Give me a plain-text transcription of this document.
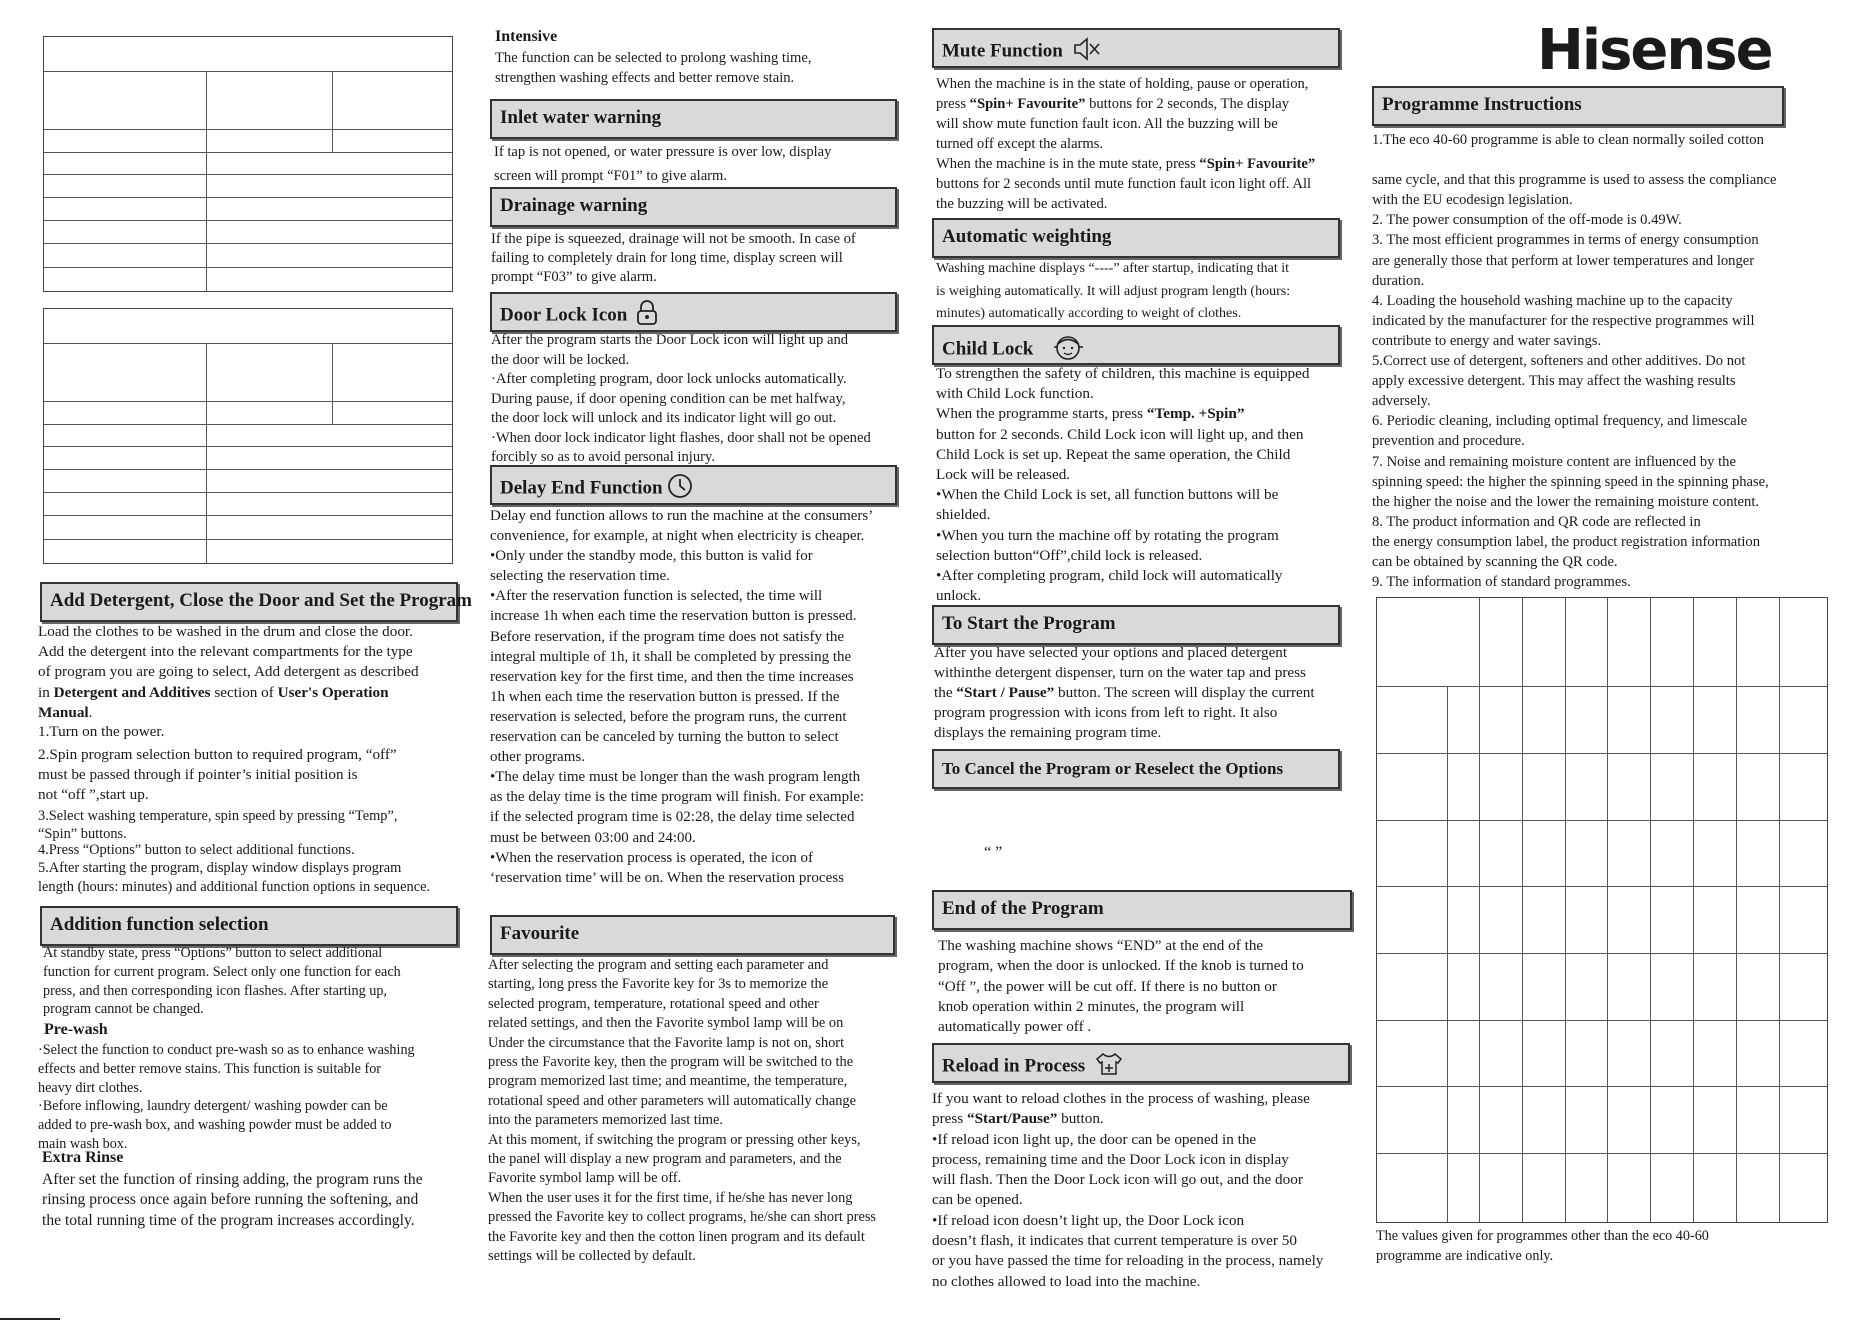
Add Detergent, Close the Door and Set the Program
Load the clothes to be washed in the drum and close the door.
Add the detergent into the relevant compartments for the type
of program you are going to select, Add detergent as described
in Detergent and Additives section of User's Operation
Manual.
1.Turn on the power.
2.Spin program selection button to required program, “off”
must be passed through if pointer’s initial position is
not “off ”,start up.
3.Select washing temperature, spin speed by pressing “Temp”,
“Spin” buttons.
4.Press “Options” button to select additional functions.
5.After starting the program, display window displays program
length (hours: minutes) and additional function options in sequence.
Addition function selection
At standby state, press “Options” button to select additional
function for current program. Select only one function for each
press, and then corresponding icon flashes. After starting up,
program cannot be changed.
Pre-wash
·Select the function to conduct pre-wash so as to enhance washing
effects and better remove stains. This function is suitable for
heavy dirt clothes.
·Before inflowing, laundry detergent/ washing powder can be
added to pre-wash box, and washing powder must be added to
main wash box.
Extra Rinse
After set the function of rinsing adding, the program runs the
rinsing process once again before running the softening, and
the total running time of the program increases accordingly.
Intensive
The function can be selected to prolong washing time,
strengthen washing effects and better remove stain.
Inlet water warning
If tap is not opened, or water pressure is over low, display
screen will prompt “F01” to give alarm.
Drainage warning
If the pipe is squeezed, drainage will not be smooth. In case of
failing to completely drain for long time, display screen will
prompt “F03” to give alarm.
Door Lock Icon
After the program starts the Door Lock icon will light up and
the door will be locked.
·After completing program, door lock unlocks automatically.
During pause, if door opening condition can be met halfway,
the door lock will unlock and its indicator light will go out.
·When door lock indicator light flashes, door shall not be opened
forcibly so as to avoid personal injury.
Delay End Function
Delay end function allows to run the machine at the consumers’
convenience, for example, at night when electricity is cheaper.
•Only under the standby mode, this button is valid for
selecting the reservation time.
•After the reservation function is selected, the time will
increase 1h when each time the reservation button is pressed.
Before reservation, if the program time does not satisfy the
integral multiple of 1h, it shall be completed by pressing the
reservation key for the first time, and then the time increases
1h when each time the reservation button is pressed. If the
reservation is selected, before the program runs, the current
reservation can be canceled by turning the button to select
other programs.
•The delay time must be longer than the wash program length
as the delay time is the time program will finish. For example:
if the selected program time is 02:28, the delay time selected
must be between 03:00 and 24:00.
•When the reservation process is operated, the icon of
‘reservation time’ will be on. When the reservation process
Favourite
After selecting the program and setting each parameter and
starting, long press the Favorite key for 3s to memorize the
selected program, temperature, rotational speed and other
related settings, and then the Favorite symbol lamp will be on
Under the circumstance that the Favorite lamp is not on, short
press the Favorite key, then the program will be switched to the
program memorized last time; and meantime, the temperature,
rotational speed and other parameters will automatically change
into the parameters memorized last time.
At this moment, if switching the program or pressing other keys,
the panel will display a new program and parameters, and the
Favorite symbol lamp will be off.
When the user uses it for the first time, if he/she has never long
pressed the Favorite key to collect programs, he/she can short press
the Favorite key and then the cotton linen program and its default
settings will be collected by default.
Mute Function
When the machine is in the state of holding, pause or operation,
press “Spin+ Favourite” buttons for 2 seconds, The display
will show mute function fault icon. All the buzzing will be
turned off except the alarms.
When the machine is in the mute state, press “Spin+ Favourite”
buttons for 2 seconds until mute function fault icon light off. All
the buzzing will be activated.
Automatic weighting
Washing machine displays “----” after startup, indicating that it
is weighing automatically. It will adjust program length (hours:
minutes) automatically according to weight of clothes.
Child Lock
To strengthen the safety of children, this machine is equipped
with Child Lock function.
When the programme starts, press “Temp. +Spin”
button for 2 seconds. Child Lock icon will light up, and then
Child Lock is set up. Repeat the same operation, the Child
Lock will be released.
•When the Child Lock is set, all function buttons will be
shielded.
•When you turn the machine off by rotating the program
selection button“Off”,child lock is released.
•After completing program, child lock will automatically
unlock.
To Start the Program
After you have selected your options and placed detergent
withinthe detergent dispenser, turn on the water tap and press
the “Start / Pause” button. The screen will display the current
program progression with icons from left to right. It also
displays the remaining program time.
To Cancel the Program or Reselect the Options
“ ”
End of the Program
The washing machine shows “END” at the end of the
program, when the door is unlocked. If the knob is turned to
“Off ”, the power will be cut off. If there is no button or
knob operation within 2 minutes, the program will
automatically power off .
Reload in Process
If you want to reload clothes in the process of washing, please
press “Start/Pause” button.
•If reload icon light up, the door can be opened in the
process, remaining time and the Door Lock icon in display
will flash. Then the Door Lock icon will go out, and the door
can be opened.
•If reload icon doesn’t light up, the Door Lock icon
doesn’t flash, it indicates that current temperature is over 50
or you have passed the time for reloading in the process, namely
no clothes allowed to load into the machine.
Hisense
Programme Instructions
1.The eco 40-60 programme is able to clean normally soiled cotton

same cycle, and that this programme is used to assess the compliance
with the EU ecodesign legislation.
2. The power consumption of the off-mode is 0.49W.
3. The most efficient programmes in terms of energy consumption
are generally those that perform at lower temperatures and longer
duration.
4. Loading the household washing machine up to the capacity
indicated by the manufacturer for the respective programmes will
contribute to energy and water savings.
5.Correct use of detergent, softeners and other additives. Do not
apply excessive detergent. This may affect the washing results
adversely.
6. Periodic cleaning, including optimal frequency, and limescale
prevention and procedure.
7. Noise and remaining moisture content are influenced by the
spinning speed: the higher the spinning speed in the spinning phase,
the higher the noise and the lower the remaining moisture content.
8. The product information and QR code are reflected in
the energy consumption label, the product registration information
can be obtained by scanning the QR code.
9. The information of standard programmes.
The values given for programmes other than the eco 40-60
programme are indicative only.
